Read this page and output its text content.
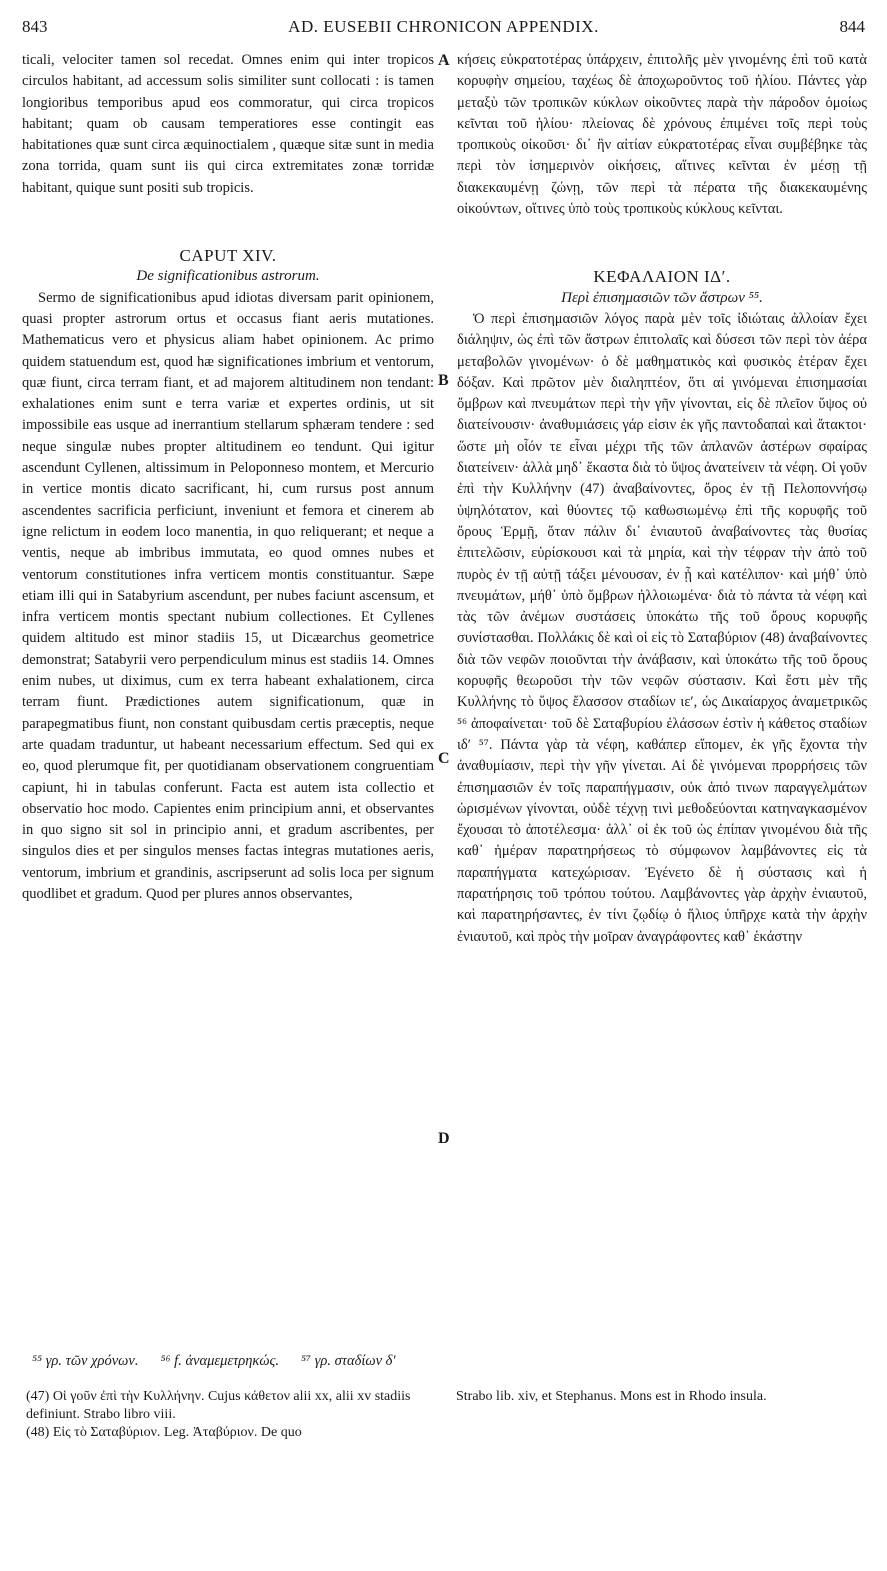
843	AD. EUSEBII CHRONICON APPENDIX.	844

ticali, velociter tamen sol recedat. Omnes enim qui inter tropicos circulos habitant, ad accessum solis similiter sunt collocati : is tamen longioribus temporibus apud eos commoratur, qui circa tropicos habitant; quam ob causam temperatiores esse contingit eas habitationes quæ sunt circa æquinoctialem , quæque sitæ sunt in media zona torrida, quam sunt iis qui circa extremitates zonæ torridæ habitant, quique sunt positi sub tropicis.

CAPUT XIV.

De significationibus astrorum.

Sermo de significationibus apud idiotas diversam parit opinionem, quasi propter astrorum ortus et occasus fiant aeris mutationes. Mathematicus vero et physicus aliam habet opinionem. Ac primo quidem statuendum est, quod hæ significationes imbrium et ventorum, quæ fiunt, circa terram fiant, et ad majorem altitudinem non tendant: exhalationes enim sunt e terra variæ et expertes ordinis, ut sit impossibile eas usque ad inerrantium stellarum sphæram tendere : sed neque singulæ nubes propter altitudinem eo tendunt. Qui igitur ascendunt Cyllenen, altissimum in Peloponneso montem, et Mercurio in vertice montis dicato sacrificant, hi, cum rursus post annum ascendentes sacrificia perficiunt, inveniunt et femora et cinerem ab igne relictum in eodem loco manentia, in quo reliquerant; et neque a ventis, neque ab imbribus immutata, eo quod omnes nubes et ventorum constitutiones infra verticem montis constituantur. Sæpe etiam illi qui in Satabyrium ascendunt, per nubes faciunt ascensum, et infra verticem montis spectant nubium collectiones. Et Cyllenes quidem altitudo est minor stadiis 15, ut Dicæarchus geometrice demonstrat; Satabyrii vero perpendiculum minus est stadiis 14. Omnes enim nubes, ut diximus, cum ex terra habeant exhalationem, circa terram fiunt. Prædictiones autem significationum, quæ in parapegmatibus fiunt, non constant quibusdam certis præceptis, neque arte quadam traduntur, ut habeant necessarium effectum. Sed qui ex eo, quod plerumque fit, per quotidianam observationem congruentiam capiunt, hi in tabulas conferunt. Facta est autem ista collectio et observatio hoc modo. Capientes enim principium anni, et observantes in quo signo sit sol in principio anni, et gradum ascribentes, per singulos dies et per singulos menses factas integras mutationes aeris, ventorum, imbrium et grandinis, ascripserunt ad solis loca per signum quodlibet et gradum. Quod per plures annos observantes,

κήσεις εὐκρατοτέρας ὑπάρχειν, ἐπιτολῆς μὲν γινομένης ἐπὶ τοῦ κατὰ κορυφὴν σημείου, ταχέως δὲ ἀποχωροῦντος τοῦ ἡλίου. Πάντες γὰρ μεταξὺ τῶν τροπικῶν κύκλων οἰκοῦντες παρὰ τὴν πάροδον ὁμοίως κεῖνται τοῦ ἡλίου· πλείονας δὲ χρόνους ἐπιμένει τοῖς περὶ τοὺς τροπικοὺς οἰκοῦσι· δι᾽ ἣν αἰτίαν εὐκρατοτέρας εἶναι συμβέβηκε τὰς περὶ τὸν ἰσημερινὸν οἰκήσεις, αἵτινες κεῖνται ἐν μέσῃ τῇ διακεκαυμένῃ ζώνῃ, τῶν περὶ τὰ πέρατα τῆς διακεκαυμένης οἰκούντων, οἵτινες ὑπὸ τοὺς τροπικοὺς κύκλους κεῖνται.

ΚΕΦΑΛΑΙΟΝ ΙΔʹ.

Περὶ ἐπισημασιῶν τῶν ἄστρων ⁵⁵.

Ὁ περὶ ἐπισημασιῶν λόγος παρὰ μὲν τοῖς ἰδιώταις ἀλλοίαν ἔχει διάληψιν, ὡς ἐπὶ τῶν ἄστρων ἐπιτολαῖς καὶ δύσεσι τῶν περὶ τὸν ἀέρα μεταβολῶν γινομένων· ὁ δὲ μαθηματικὸς καὶ φυσικὸς ἑτέραν ἔχει δόξαν. Καὶ πρῶτον μὲν διαληπτέον, ὅτι αἱ γινόμεναι ἐπισημασίαι ὄμβρων καὶ πνευμάτων περὶ τὴν γῆν γίνονται, εἰς δὲ πλεῖον ὕψος οὐ διατείνουσιν· ἀναθυμιάσεις γάρ εἰσιν ἐκ γῆς παντοδαπαὶ καὶ ἄτακτοι· ὥστε μὴ οἷόν τε εἶναι μέχρι τῆς τῶν ἀπλανῶν ἀστέρων σφαίρας διατείνειν· ἀλλὰ μηδ᾽ ἕκαστα διὰ τὸ ὕψος ἀνατείνειν τὰ νέφη. Οἱ γοῦν ἐπὶ τὴν Κυλλήνην (47) ἀναβαίνοντες, ὄρος ἐν τῇ Πελοποννήσῳ ὑψηλότατον, καὶ θύοντες τῷ καθωσιωμένῳ ἐπὶ τῆς κορυφῆς τοῦ ὄρους Ἑρμῇ, ὅταν πάλιν δι᾽ ἐνιαυτοῦ ἀναβαίνοντες τὰς θυσίας ἐπιτελῶσιν, εὑρίσκουσι καὶ τὰ μηρία, καὶ τὴν τέφραν τὴν ἀπὸ τοῦ πυρὸς ἐν τῇ αὐτῇ τάξει μένουσαν, ἐν ᾗ καὶ κατέλιπον· καὶ μήθ᾽ ὑπὸ πνευμάτων, μήθ᾽ ὑπὸ ὄμβρων ἠλλοιωμένα· διὰ τὸ πάντα τὰ νέφη καὶ τὰς τῶν ἀνέμων συστάσεις ὑποκάτω τῆς τοῦ ὄρους κορυφῆς συνίστασθαι. Πολλάκις δὲ καὶ οἱ εἰς τὸ Σαταβύριον (48) ἀναβαίνοντες διὰ τῶν νεφῶν ποιοῦνται τὴν ἀνάβασιν, καὶ ὑποκάτω τῆς τοῦ ὄρους κορυφῆς θεωροῦσι τὴν τῶν νεφῶν σύστασιν. Καὶ ἔστι μὲν τῆς Κυλλήνης τὸ ὕψος ἔλασσον σταδίων ιεʹ, ὡς Δικαίαρχος ἀναμετρικῶς ⁵⁶ ἀποφαίνεται· τοῦ δὲ Σαταβυρίου ἐλάσσων ἐστὶν ἡ κάθετος σταδίων ιδʹ ⁵⁷. Πάντα γὰρ τὰ νέφη, καθάπερ εἴπομεν, ἐκ γῆς ἔχοντα τὴν ἀναθυμίασιν, περὶ τὴν γῆν γίνεται. Αἱ δὲ γινόμεναι προρρήσεις τῶν ἐπισημασιῶν ἐν τοῖς παραπήγμασιν, οὐκ ἀπό τινων παραγγελμάτων ὡρισμένων γίνονται, οὐδὲ τέχνῃ τινὶ μεθοδεύονται κατηναγκασμένον ἔχουσαι τὸ ἀποτέλεσμα· ἀλλ᾽ οἱ ἐκ τοῦ ὡς ἐπίπαν γινομένου διὰ τῆς καθ᾽ ἡμέραν παρατηρήσεως τὸ σύμφωνον λαμβάνοντες εἰς τὰ παραπήγματα κατεχώρισαν. Ἐγένετο δὲ ἡ σύστασις καὶ ἡ παρατήρησις τοῦ τρόπου τούτου. Λαμβάνοντες γὰρ ἀρχὴν ἐνιαυτοῦ, καὶ παρατηρήσαντες, ἐν τίνι ζῳδίῳ ὁ ἥλιος ὑπῆρχε κατὰ τὴν ἀρχὴν ἐνιαυτοῦ, καὶ πρὸς τὴν μοῖραν ἀναγράφοντες καθ᾽ ἑκάστην

A
B
C
D
⁵⁵ γρ. τῶν χρόνων. ⁵⁶ f. ἀναμεμετρηκώς. ⁵⁷ γρ. σταδίων δʹ

(47) Οἱ γοῦν ἐπὶ τὴν Κυλλήνην. Cujus κάθετον alii xx, alii xv stadiis definiunt. Strabo libro viii.

(48) Εἰς τὸ Σαταβύριον. Leg. Ἀταβύριον. De quo

Strabo lib. xiv, et Stephanus. Mons est in Rhodo insula.
